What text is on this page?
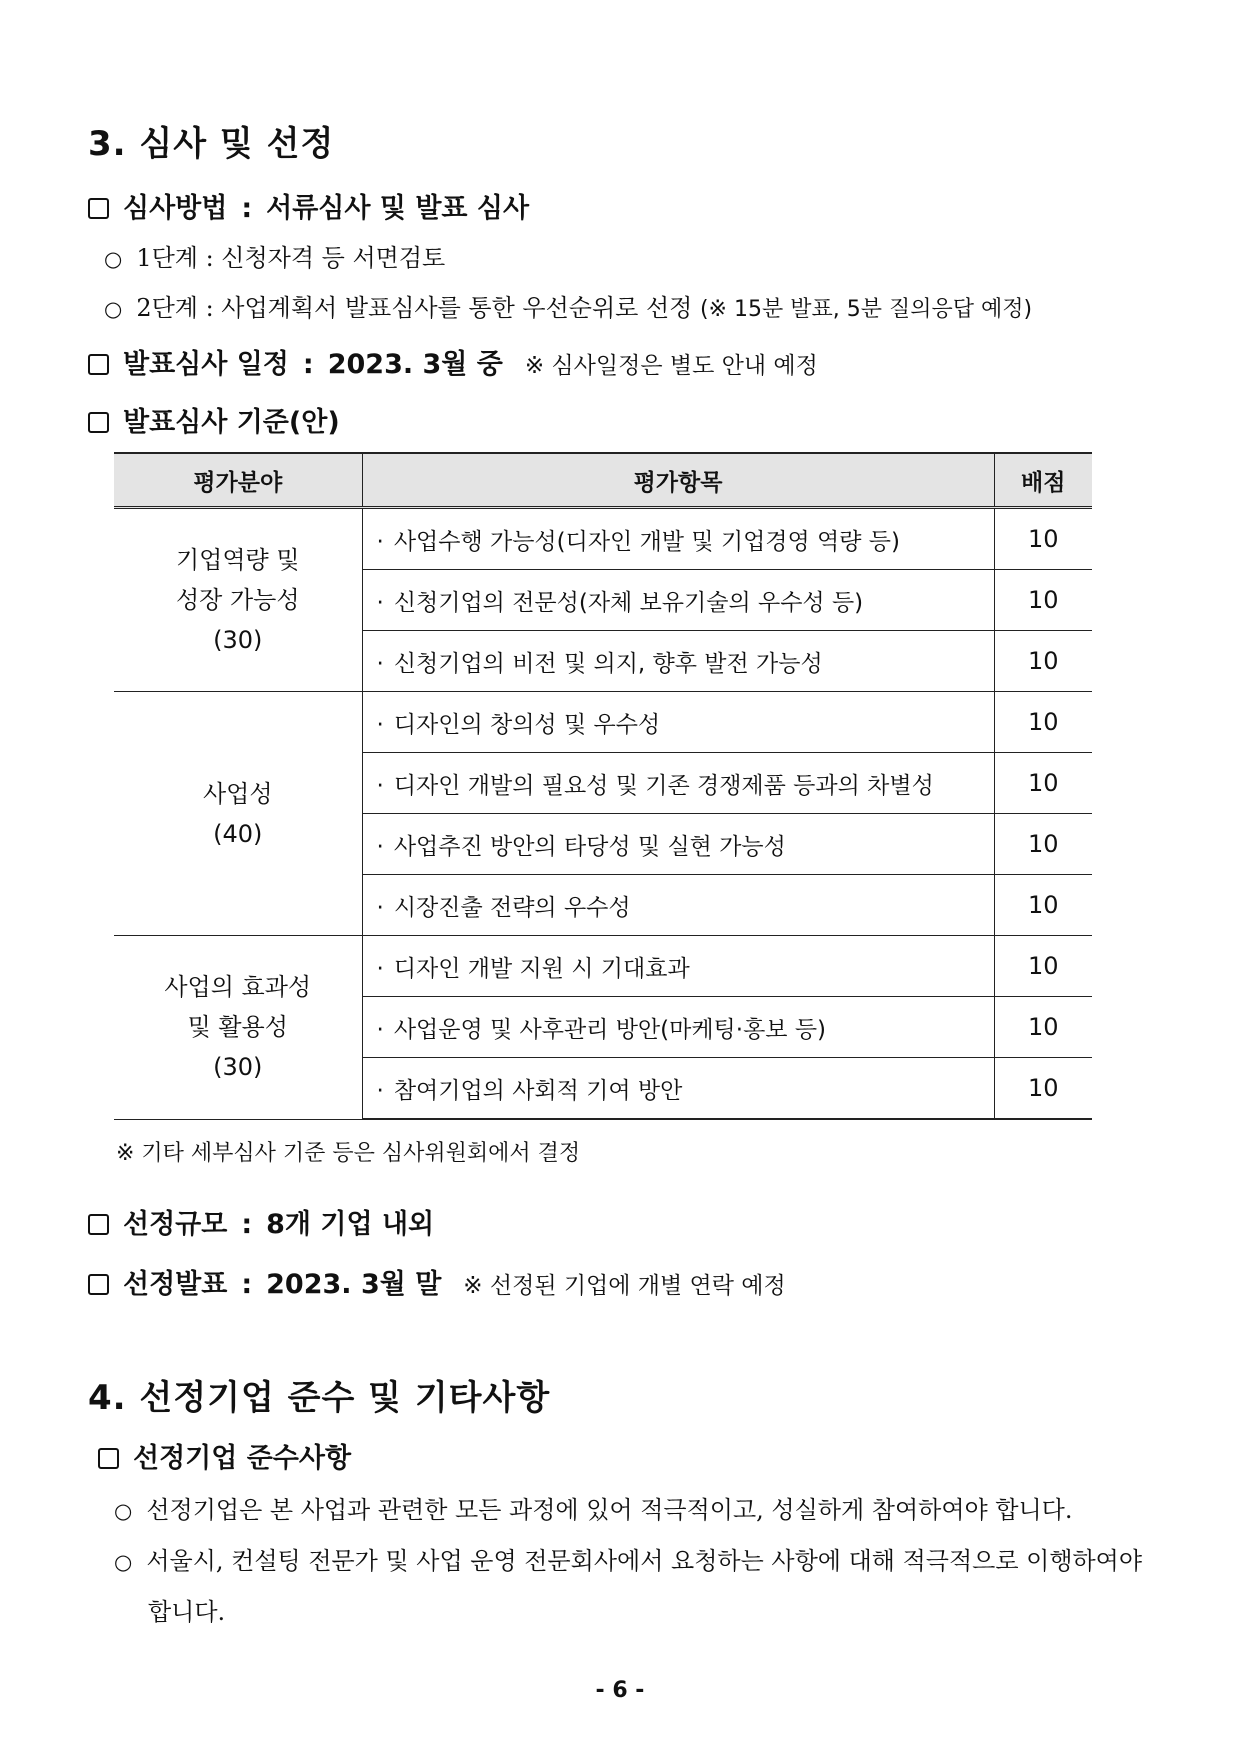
3. 심사 및 선정
심사방법 : 서류심사 및 발표 심사
○ 1단계 : 신청자격 등 서면검토
○ 2단계 : 사업계획서 발표심사를 통한 우선순위로 선정 (※ 15분 발표, 5분 질의응답 예정)
발표심사 일정 : 2023. 3월 중 ※ 심사일정은 별도 안내 예정
발표심사 기준(안)
평가분야	평가항목	배점

기업역량 및
성장 가능성
(30)	· 사업수행 가능성(디자인 개발 및 기업경영 역량 등)	10
	· 신청기업의 전문성(자체 보유기술의 우수성 등)	10
	· 신청기업의 비전 및 의지, 향후 발전 가능성	10

사업성
(40)	· 디자인의 창의성 및 우수성	10
	· 디자인 개발의 필요성 및 기존 경쟁제품 등과의 차별성	10
	· 사업추진 방안의 타당성 및 실현 가능성	10
	· 시장진출 전략의 우수성	10

사업의 효과성
및 활용성
(30)	· 디자인 개발 지원 시 기대효과	10
	· 사업운영 및 사후관리 방안(마케팅·홍보 등)	10
	· 참여기업의 사회적 기여 방안	10
※ 기타 세부심사 기준 등은 심사위원회에서 결정
선정규모 : 8개 기업 내외
선정발표 : 2023. 3월 말 ※ 선정된 기업에 개별 연락 예정
4. 선정기업 준수 및 기타사항
선정기업 준수사항
○ 선정기업은 본 사업과 관련한 모든 과정에 있어 적극적이고, 성실하게 참여하여야 합니다.
○ 서울시, 컨설팅 전문가 및 사업 운영 전문회사에서 요청하는 사항에 대해 적극적으로 이행하여야
합니다.
- 6 -
